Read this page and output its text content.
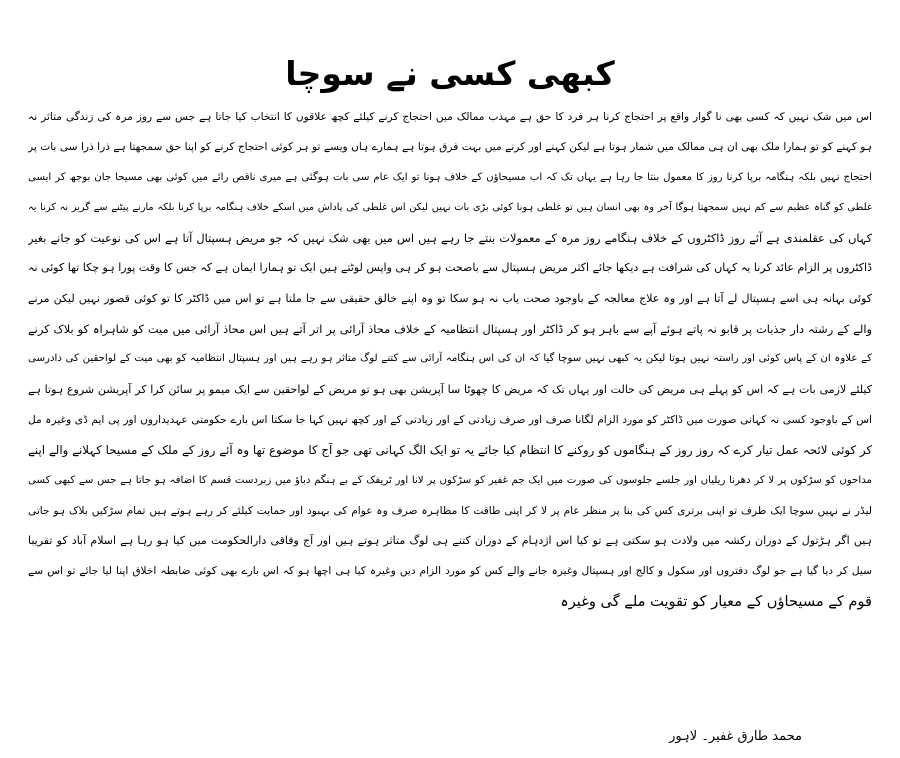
کبھی کسی نے سوچا
اس میں شک نہیں کہ کسی بھی نا گوار واقع پر احتجاج کرنا ہر فرد کا حق ہے مہذب ممالک میں احتجاج کرنے کیلئے کچھ علاقوں کا انتخاب کیا جاتا ہے جس سے روز مرہ کی زندگی متاثر نہ
ہو کہنے کو تو ہمارا ملک بھی ان ہی ممالک میں شمار ہوتا ہے لیکن کہنے اور کرنے میں بہت فرق ہوتا ہے ہمارے ہاں ویسے تو ہر کوئی احتجاج کرنے کو اپنا حق سمجھتا ہے ذرا ذرا سی بات پر
احتجاج نہیں بلکہ ہنگامہ برپا کرنا روز کا معمول بنتا جا رہا ہے یہاں تک کہ اب مسیحاؤں کے خلاف ہونا تو ایک عام سی بات ہوگئی ہے میری ناقص رائے میں کوئی بھی مسیحا جان بوجھ کر ایسی
غلطی کو گناہ عظیم سے کم نہیں سمجھتا ہوگا آخر وہ بھی انسان ہیں تو غلطی ہونا کوئی بڑی بات نہیں لیکن اس غلطی کی پاداش میں اسکے خلاف ہنگامہ برپا کرنا بلکہ مارنے پیٹنے سے گریز نہ کرنا یہ
کہاں کی عقلمندی ہے آئے روز ڈاکٹروں کے خلاف ہنگامے روز مرہ کے معمولات بنتے جا رہے ہیں اس میں بھی شک نہیں کہ جو مریض ہسپتال آتا ہے اس کی نوعیت کو جانے بغیر
ڈاکٹروں پر الزام عائد کرنا یہ کہاں کی شرافت ہے دیکھا جائے اکثر مریض ہسپتال سے باصحت ہو کر ہی واپس لوٹتے ہیں ایک تو ہمارا ایمان ہے کہ جس کا وقت پورا ہو چکا تھا کوئی نہ
کوئی بہانہ ہی اسے ہسپتال لے آتا ہے اور وہ علاج معالجہ کے باوجود صحت یاب نہ ہو سکا تو وہ اپنے خالق حقیقی سے جا ملتا ہے تو اس میں ڈاکٹر کا تو کوئی قصور نہیں لیکن مرنے
والے کے رشتہ دار جذبات پر قابو نہ پاتے ہوئے آپے سے باہر ہو کر ڈاکٹر اور ہسپتال انتظامیہ کے خلاف محاذ آرائی پر اتر آتے ہیں اس محاذ آرائی میں میت کو شاہراہ کو بلاک کرنے
کے علاوہ ان کے پاس کوئی اور راستہ نہیں ہوتا لیکن یہ کبھی نہیں سوچا گیا کہ ان کی اس ہنگامہ آرائی سے کتنے لوگ متاثر ہو رہے ہیں اور ہسپتال انتظامیہ کو بھی میت کے لواحقین کی دادرسی
کیلئے لازمی بات ہے کہ اس کو پہلے ہی مریض کی حالت اور یہاں تک کہ مریض کا چھوٹا سا آپریشن بھی ہو تو مریض کے لواحقین سے ایک میمو پر سائن کرا کر آپریشن شروع ہوتا ہے
اس کے باوجود کسی نہ کہانی صورت میں ڈاکٹر کو مورد الزام لگانا صرف اور صرف زیادتی کے اور زیادتی کے اور کچھ نہیں کہا جا سکتا اس بارے حکومتی عہدیداروں اور پی ایم ڈی وغیرہ مل
کر کوئی لائحہ عمل تیار کرے کہ روز روز کے ہنگاموں کو روکنے کا انتظام کیا جائے یہ تو ایک الگ کہانی تھی جو آج کا موضوع تھا وہ آئے روز کے ملک کے مسیحا کہلانے والے اپنے
مداحوں کو سڑکوں پر لا کر دھرنا ریلیاں اور جلسے جلوسوں کی صورت میں ایک جم غفیر کو سڑکوں پر لانا اور ٹریفک کے بے ہنگم دباؤ میں زبردست قسم کا اضافہ ہو جاتا ہے جس سے کبھی کسی
لیڈر نے نہیں سوچا ایک طرف تو اپنی برتری کس کی بنا پر منظر عام پر لا کر اپنی طاقت کا مظاہرہ صرف وہ عوام کی بہبود اور حمایت کیلئے کر رہے ہوتے ہیں تمام سڑکیں بلاک ہو جاتی
ہیں اگر ہڑتول کے دوران رکشہ میں ولادت ہو سکتی ہے تو کیا اس اژدہام کے دوران کتنے ہی لوگ متاثر ہوتے ہیں اور آج وفاقی دارالحکومت میں کیا ہو رہا ہے اسلام آباد کو تقریبا
سیل کر دیا گیا ہے جو لوگ دفتروں اور سکول و کالج اور ہسپتال وغیرہ جانے والے کس کو مورد الزام دیں وغیرہ کیا ہی اچھا ہو کہ اس بارے بھی کوئی ضابطہ اخلاق اپنا لیا جائے تو اس سے
قوم کے مسیحاؤں کے معیار کو تقویت ملے گی وغیرہ
محمد طارق غفیر۔ لاہور
